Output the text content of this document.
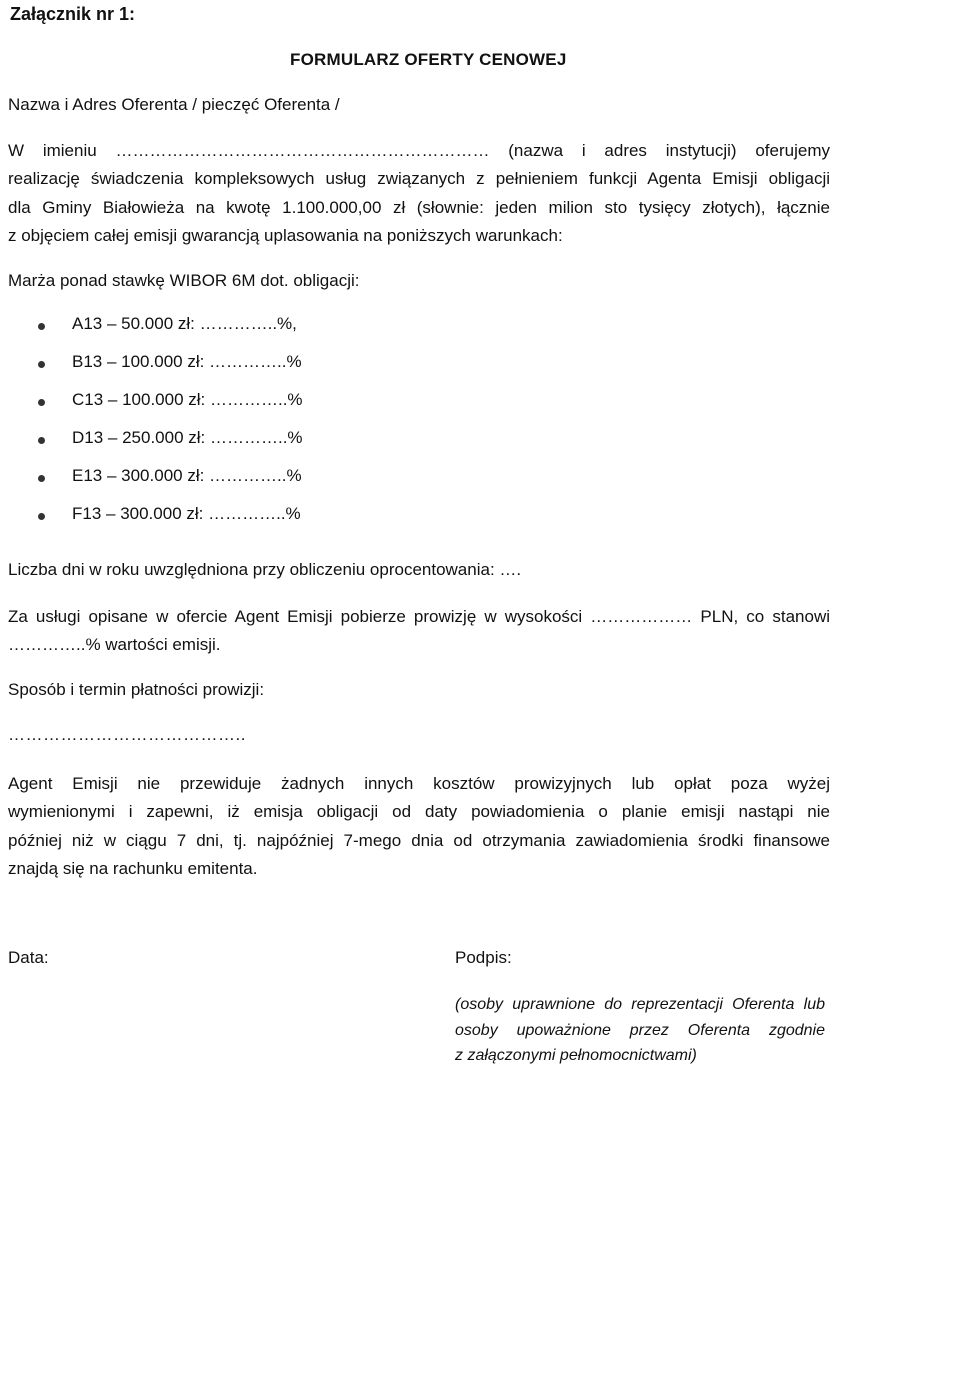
Załącznik nr 1:
FORMULARZ OFERTY CENOWEJ
Nazwa i Adres Oferenta / pieczęć Oferenta /
W imieniu ………………………………………………………… (nazwa i adres instytucji) oferujemy
realizację świadczenia kompleksowych usług związanych z pełnieniem funkcji Agenta Emisji obligacji
dla Gminy Białowieża na kwotę 1.100.000,00 zł (słownie: jeden milion sto tysięcy złotych), łącznie
z objęciem całej emisji gwarancją uplasowania na poniższych warunkach:
Marża ponad stawkę WIBOR 6M dot. obligacji:
A13 – 50.000 zł: …………..%,
B13 – 100.000 zł: …………..%
C13 – 100.000 zł: …………..%
D13 – 250.000 zł: …………..%
E13 – 300.000 zł: …………..%
F13 – 300.000 zł: …………..%
Liczba dni w roku uwzględniona przy obliczeniu oprocentowania: ….
Za usługi opisane w ofercie Agent Emisji pobierze prowizję w wysokości ……………… PLN, co stanowi
…………..% wartości emisji.
Sposób i termin płatności prowizji:
…………………………………..
Agent Emisji nie przewiduje żadnych innych kosztów prowizyjnych lub opłat poza wyżej
wymienionymi i zapewni, iż emisja obligacji od daty powiadomienia o planie emisji nastąpi nie
później niż w ciągu 7 dni, tj. najpóźniej 7-mego dnia od otrzymania zawiadomienia środki finansowe
znajdą się na rachunku emitenta.
Data:	Podpis:
(osoby uprawnione do reprezentacji Oferenta lub
osoby upoważnione przez Oferenta zgodnie
z załączonymi pełnomocnictwami)
